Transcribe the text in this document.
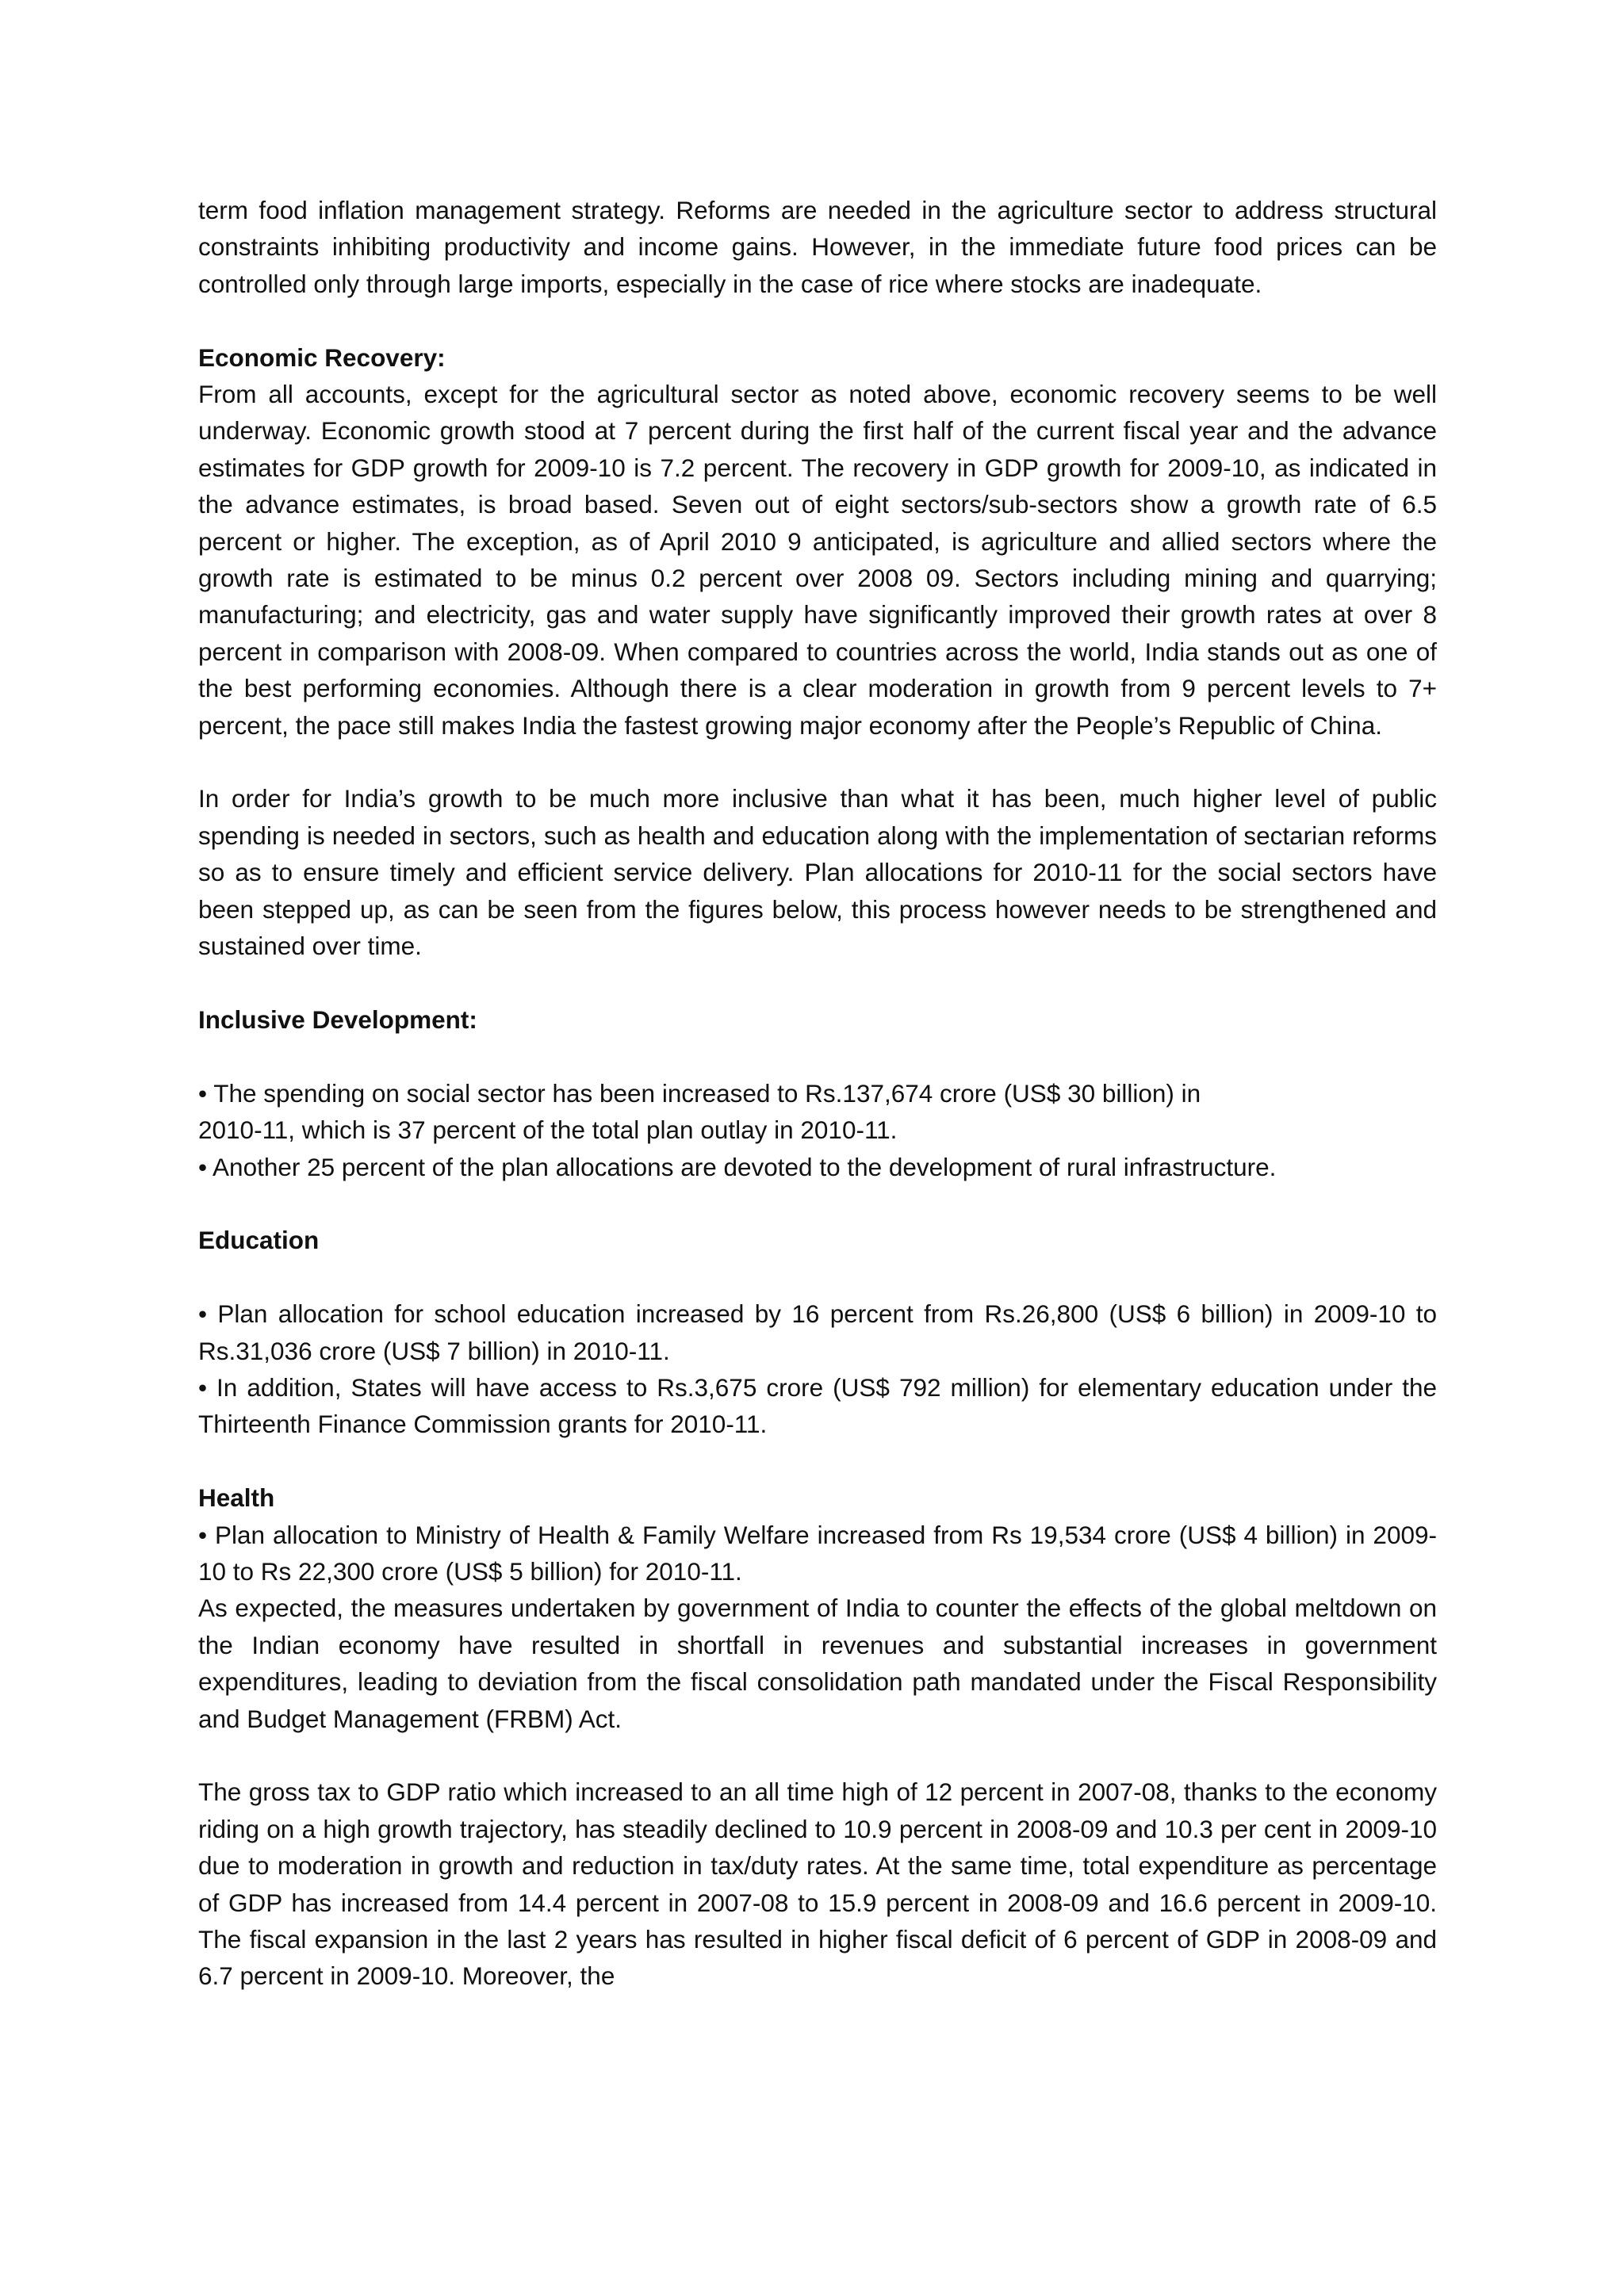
term food inflation management strategy. Reforms are needed in the agriculture sector to address structural constraints inhibiting productivity and income gains. However, in the immediate future food prices can be controlled only through large imports, especially in the case of rice where stocks are inadequate.

Economic Recovery:

From all accounts, except for the agricultural sector as noted above, economic recovery seems to be well underway. Economic growth stood at 7 percent during the first half of the current fiscal year and the advance estimates for GDP growth for 2009-10 is 7.2 percent. The recovery in GDP growth for 2009-10, as indicated in the advance estimates, is broad based. Seven out of eight sectors/sub-sectors show a growth rate of 6.5 percent or higher. The exception, as of April 2010 9 anticipated, is agriculture and allied sectors where the growth rate is estimated to be minus 0.2 percent over 2008 09. Sectors including mining and quarrying; manufacturing; and electricity, gas and water supply have significantly improved their growth rates at over 8 percent in comparison with 2008-09. When compared to countries across the world, India stands out as one of the best performing economies. Although there is a clear moderation in growth from 9 percent levels to 7+ percent, the pace still makes India the fastest growing major economy after the People’s Republic of China.

In order for India’s growth to be much more inclusive than what it has been, much higher level of public spending is needed in sectors, such as health and education along with the implementation of sectarian reforms so as to ensure timely and efficient service delivery. Plan allocations for 2010-11 for the social sectors have been stepped up, as can be seen from the figures below, this process however needs to be strengthened and sustained over time.

Inclusive Development:

• The spending on social sector has been increased to Rs.137,674 crore (US$ 30 billion) in

2010-11, which is 37 percent of the total plan outlay in 2010-11.

• Another 25 percent of the plan allocations are devoted to the development of rural infrastructure.

Education

• Plan allocation for school education increased by 16 percent from Rs.26,800 (US$ 6 billion) in 2009-10 to Rs.31,036 crore (US$ 7 billion) in 2010-11.

• In addition, States will have access to Rs.3,675 crore (US$ 792 million) for elementary education under the Thirteenth Finance Commission grants for 2010-11.

Health

• Plan allocation to Ministry of Health & Family Welfare increased from Rs 19,534 crore (US$ 4 billion) in 2009-10 to Rs 22,300 crore (US$ 5 billion) for 2010-11.

As expected, the measures undertaken by government of India to counter the effects of the global meltdown on the Indian economy have resulted in shortfall in revenues and substantial increases in government expenditures, leading to deviation from the fiscal consolidation path mandated under the Fiscal Responsibility and Budget Management (FRBM) Act.

The gross tax to GDP ratio which increased to an all time high of 12 percent in 2007-08, thanks to the economy riding on a high growth trajectory, has steadily declined to 10.9 percent in 2008-09 and 10.3 per cent in 2009-10 due to moderation in growth and reduction in tax/duty rates. At the same time, total expenditure as percentage of GDP has increased from 14.4 percent in 2007-08 to 15.9 percent in 2008-09 and 16.6 percent in 2009-10. The fiscal expansion in the last 2 years has resulted in higher fiscal deficit of 6 percent of GDP in 2008-09 and 6.7 percent in 2009-10. Moreover, the
